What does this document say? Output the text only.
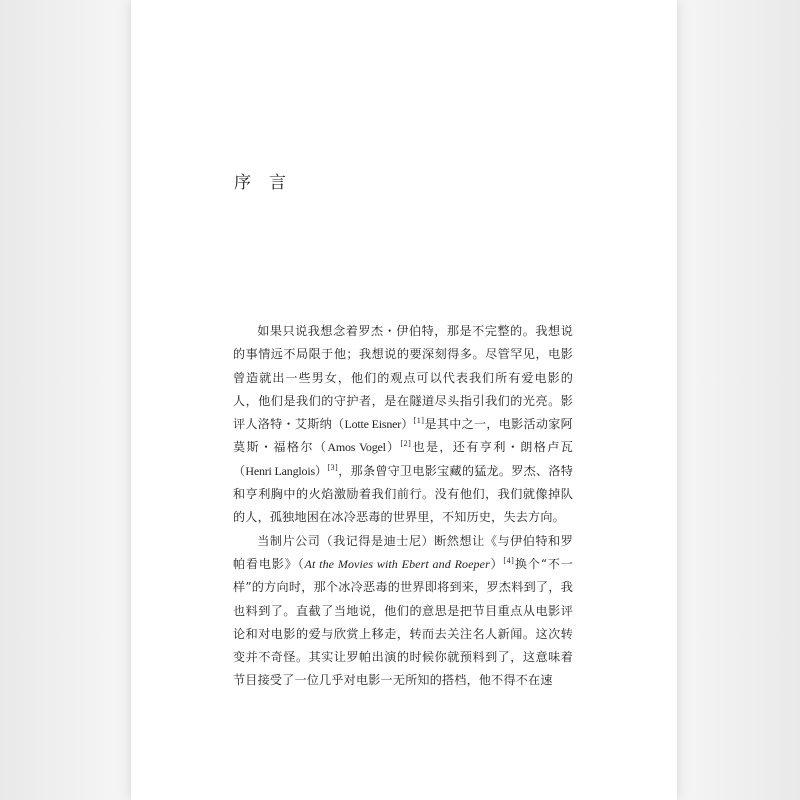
序 言

如果只说我想念着罗杰・伊伯特，那是不完整的。我想说的事情远不局限于他；我想说的要深刻得多。尽管罕见，电影曾造就出一些男女，他们的观点可以代表我们所有爱电影的人，他们是我们的守护者，是在隧道尽头指引我们的光亮。影评人洛特・艾斯纳（Lotte Eisner）[1]是其中之一，电影活动家阿莫斯・福格尔（Amos Vogel）[2]也是，还有亨利・朗格卢瓦（Henri Langlois）[3]，那条曾守卫电影宝藏的猛龙。罗杰、洛特和亨利胸中的火焰激励着我们前行。没有他们，我们就像掉队的人，孤独地困在冰冷恶毒的世界里，不知历史，失去方向。

当制片公司（我记得是迪士尼）断然想让《与伊伯特和罗帕看电影》（At the Movies with Ebert and Roeper）[4]换个“不一样”的方向时，那个冰冷恶毒的世界即将到来，罗杰料到了，我也料到了。直截了当地说，他们的意思是把节目重点从电影评论和对电影的爱与欣赏上移走，转而去关注名人新闻。这次转变并不奇怪。其实让罗帕出演的时候你就预料到了，这意味着节目接受了一位几乎对电影一无所知的搭档，他不得不在速
